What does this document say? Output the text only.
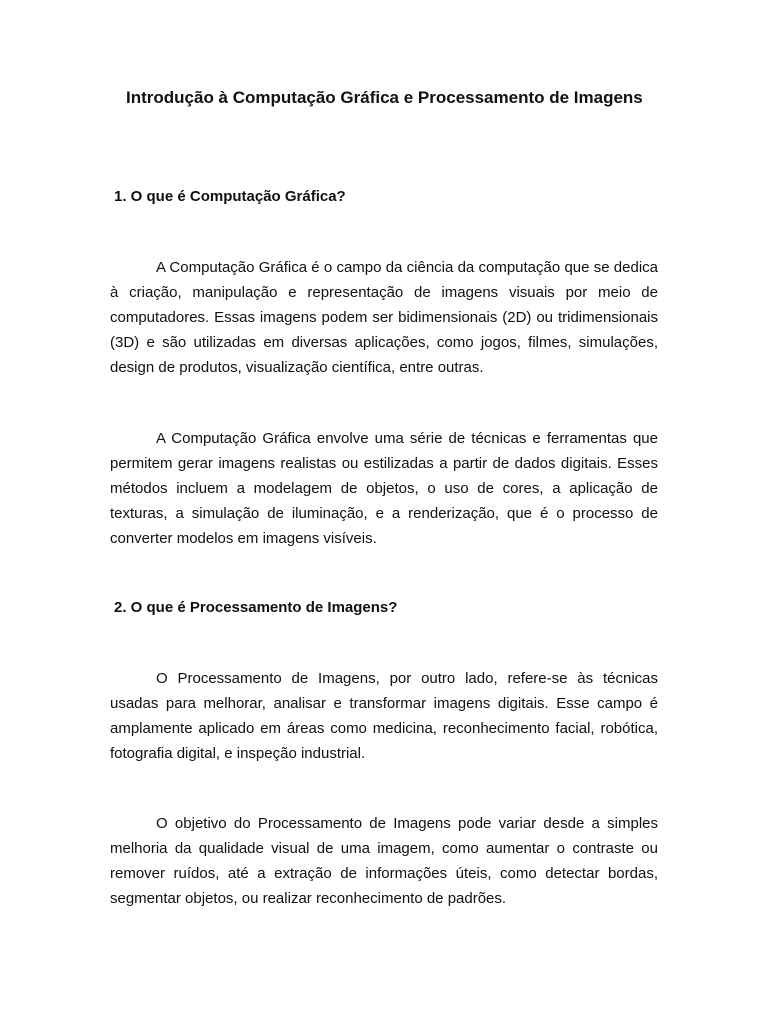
Introdução à Computação Gráfica e Processamento de Imagens
1. O que é Computação Gráfica?

A Computação Gráfica é o campo da ciência da computação que se dedica à criação, manipulação e representação de imagens visuais por meio de computadores. Essas imagens podem ser bidimensionais (2D) ou tridimensionais (3D) e são utilizadas em diversas aplicações, como jogos, filmes, simulações, design de produtos, visualização científica, entre outras.

A Computação Gráfica envolve uma série de técnicas e ferramentas que permitem gerar imagens realistas ou estilizadas a partir de dados digitais. Esses métodos incluem a modelagem de objetos, o uso de cores, a aplicação de texturas, a simulação de iluminação, e a renderização, que é o processo de converter modelos em imagens visíveis.

2. O que é Processamento de Imagens?

O Processamento de Imagens, por outro lado, refere-se às técnicas usadas para melhorar, analisar e transformar imagens digitais. Esse campo é amplamente aplicado em áreas como medicina, reconhecimento facial, robótica, fotografia digital, e inspeção industrial.

O objetivo do Processamento de Imagens pode variar desde a simples melhoria da qualidade visual de uma imagem, como aumentar o contraste ou remover ruídos, até a extração de informações úteis, como detectar bordas, segmentar objetos, ou realizar reconhecimento de padrões.
